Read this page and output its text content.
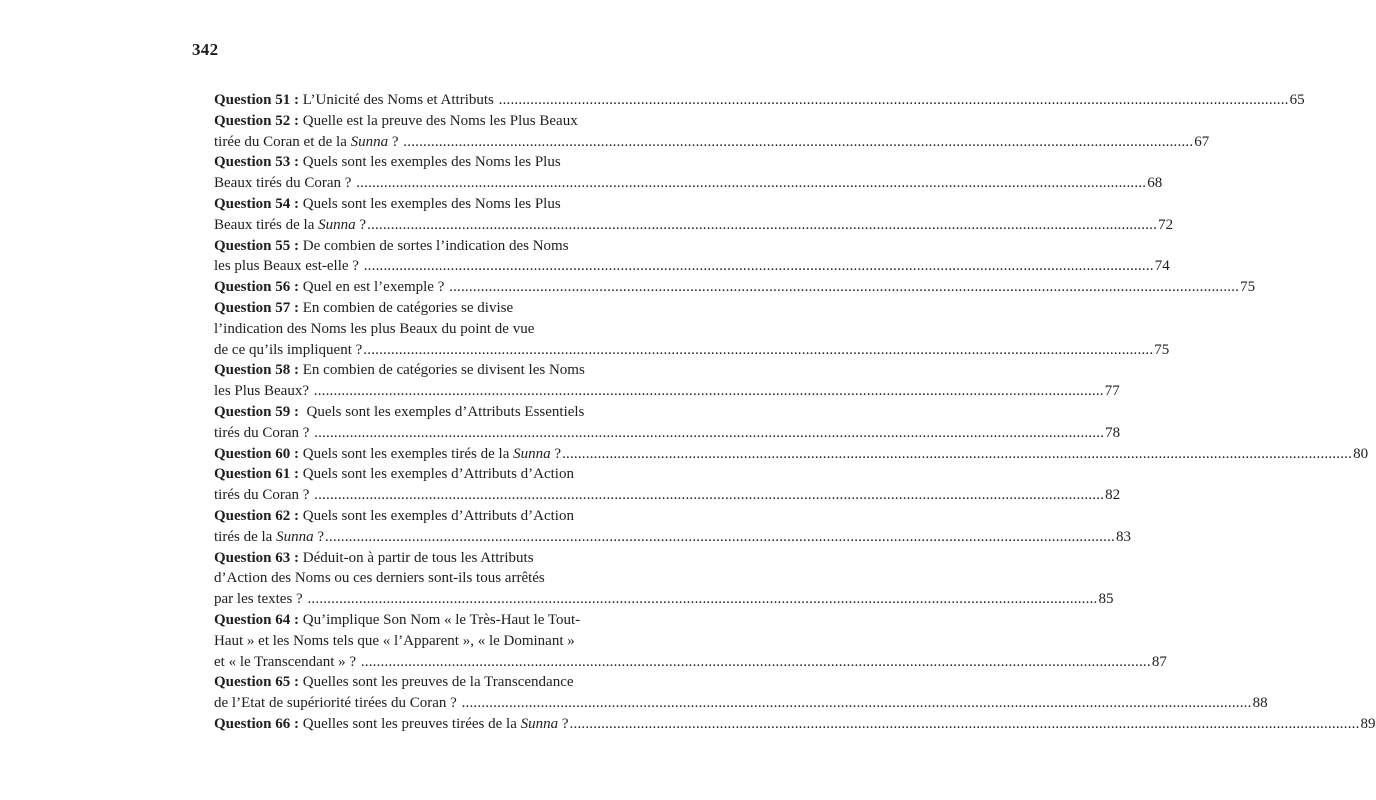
342
Question 51 : L’Unicité des Noms et Attributs ........................................................................................................................................................................................................ 65
Question 52 : Quelle est la preuve des Noms les Plus Beaux
tirée du Coran et de la Sunna ? ........................................................................................................................................................................................................ 67
Question 53 : Quels sont les exemples des Noms les Plus
Beaux tirés du Coran ? ........................................................................................................................................................................................................ 68
Question 54 : Quels sont les exemples des Noms les Plus
Beaux tirés de la Sunna ? ........................................................................................................................................................................................................ 72
Question 55 : De combien de sortes l’indication des Noms
les plus Beaux est-elle ? ........................................................................................................................................................................................................ 74
Question 56 : Quel en est l’exemple ? ........................................................................................................................................................................................................ 75
Question 57 : En combien de catégories se divise
l’indication des Noms les plus Beaux du point de vue
de ce qu’ils impliquent ? ........................................................................................................................................................................................................ 75
Question 58 : En combien de catégories se divisent les Noms
les Plus Beaux? ........................................................................................................................................................................................................ 77
Question 59 : Quels sont les exemples d’Attributs Essentiels
tirés du Coran ? ........................................................................................................................................................................................................ 78
Question 60 : Quels sont les exemples tirés de la Sunna ? ........................................................................................................................................................................................................ 80
Question 61 : Quels sont les exemples d’Attributs d’Action
tirés du Coran ? ........................................................................................................................................................................................................ 82
Question 62 : Quels sont les exemples d’Attributs d’Action
tirés de la Sunna ? ........................................................................................................................................................................................................ 83
Question 63 : Déduit-on à partir de tous les Attributs
d’Action des Noms ou ces derniers sont-ils tous arrêtés
par les textes ? ........................................................................................................................................................................................................ 85
Question 64 : Qu’implique Son Nom « le Très-Haut le Tout-
Haut » et les Noms tels que « l’Apparent », « le Dominant »
et « le Transcendant » ? ........................................................................................................................................................................................................ 87
Question 65 : Quelles sont les preuves de la Transcendance
de l’Etat de supériorité tirées du Coran ? ........................................................................................................................................................................................................ 88
Question 66 : Quelles sont les preuves tirées de la Sunna ? ........................................................................................................................................................................................................ 89
